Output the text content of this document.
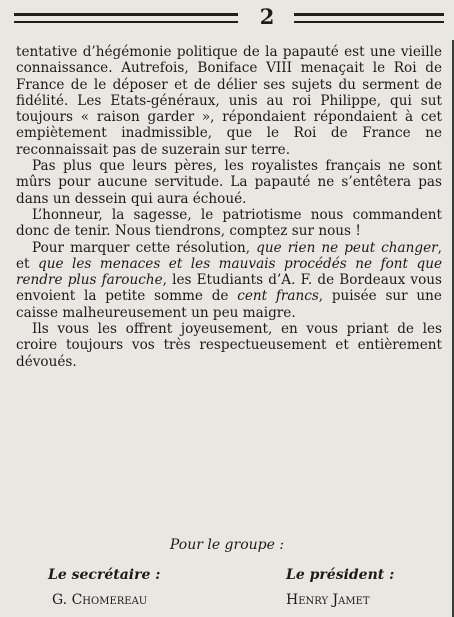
2

tentative d’hégémonie politique de la papauté est une vieille connaissance. Autrefois, Boniface VIII menaçait le Roi de France de le déposer et de délier ses sujets du serment de fidélité. Les Etats-généraux, unis au roi Philippe, qui sut toujours « raison garder », répondaient répondaient à cet empiètement inadmissible, que le Roi de France ne reconnaissait pas de suzerain sur terre.

Pas plus que leurs pères, les royalistes français ne sont mûrs pour aucune servitude. La papauté ne s’entêtera pas dans un dessein qui aura échoué.

L’honneur, la sagesse, le patriotisme nous commandent donc de tenir. Nous tiendrons, comptez sur nous !

Pour marquer cette résolution, que rien ne peut changer, et que les menaces et les mauvais procédés ne font que rendre plus farouche, les Etudiants d’A. F. de Bordeaux vous envoient la petite somme de cent francs, puisée sur une caisse malheureusement un peu maigre.

Ils vous les offrent joyeusement, en vous priant de les croire toujours vos très respectueusement et entièrement dévoués.

Pour le groupe :
Le secrétaire :	Le président :
G. Chomereau	Henry Jamet
